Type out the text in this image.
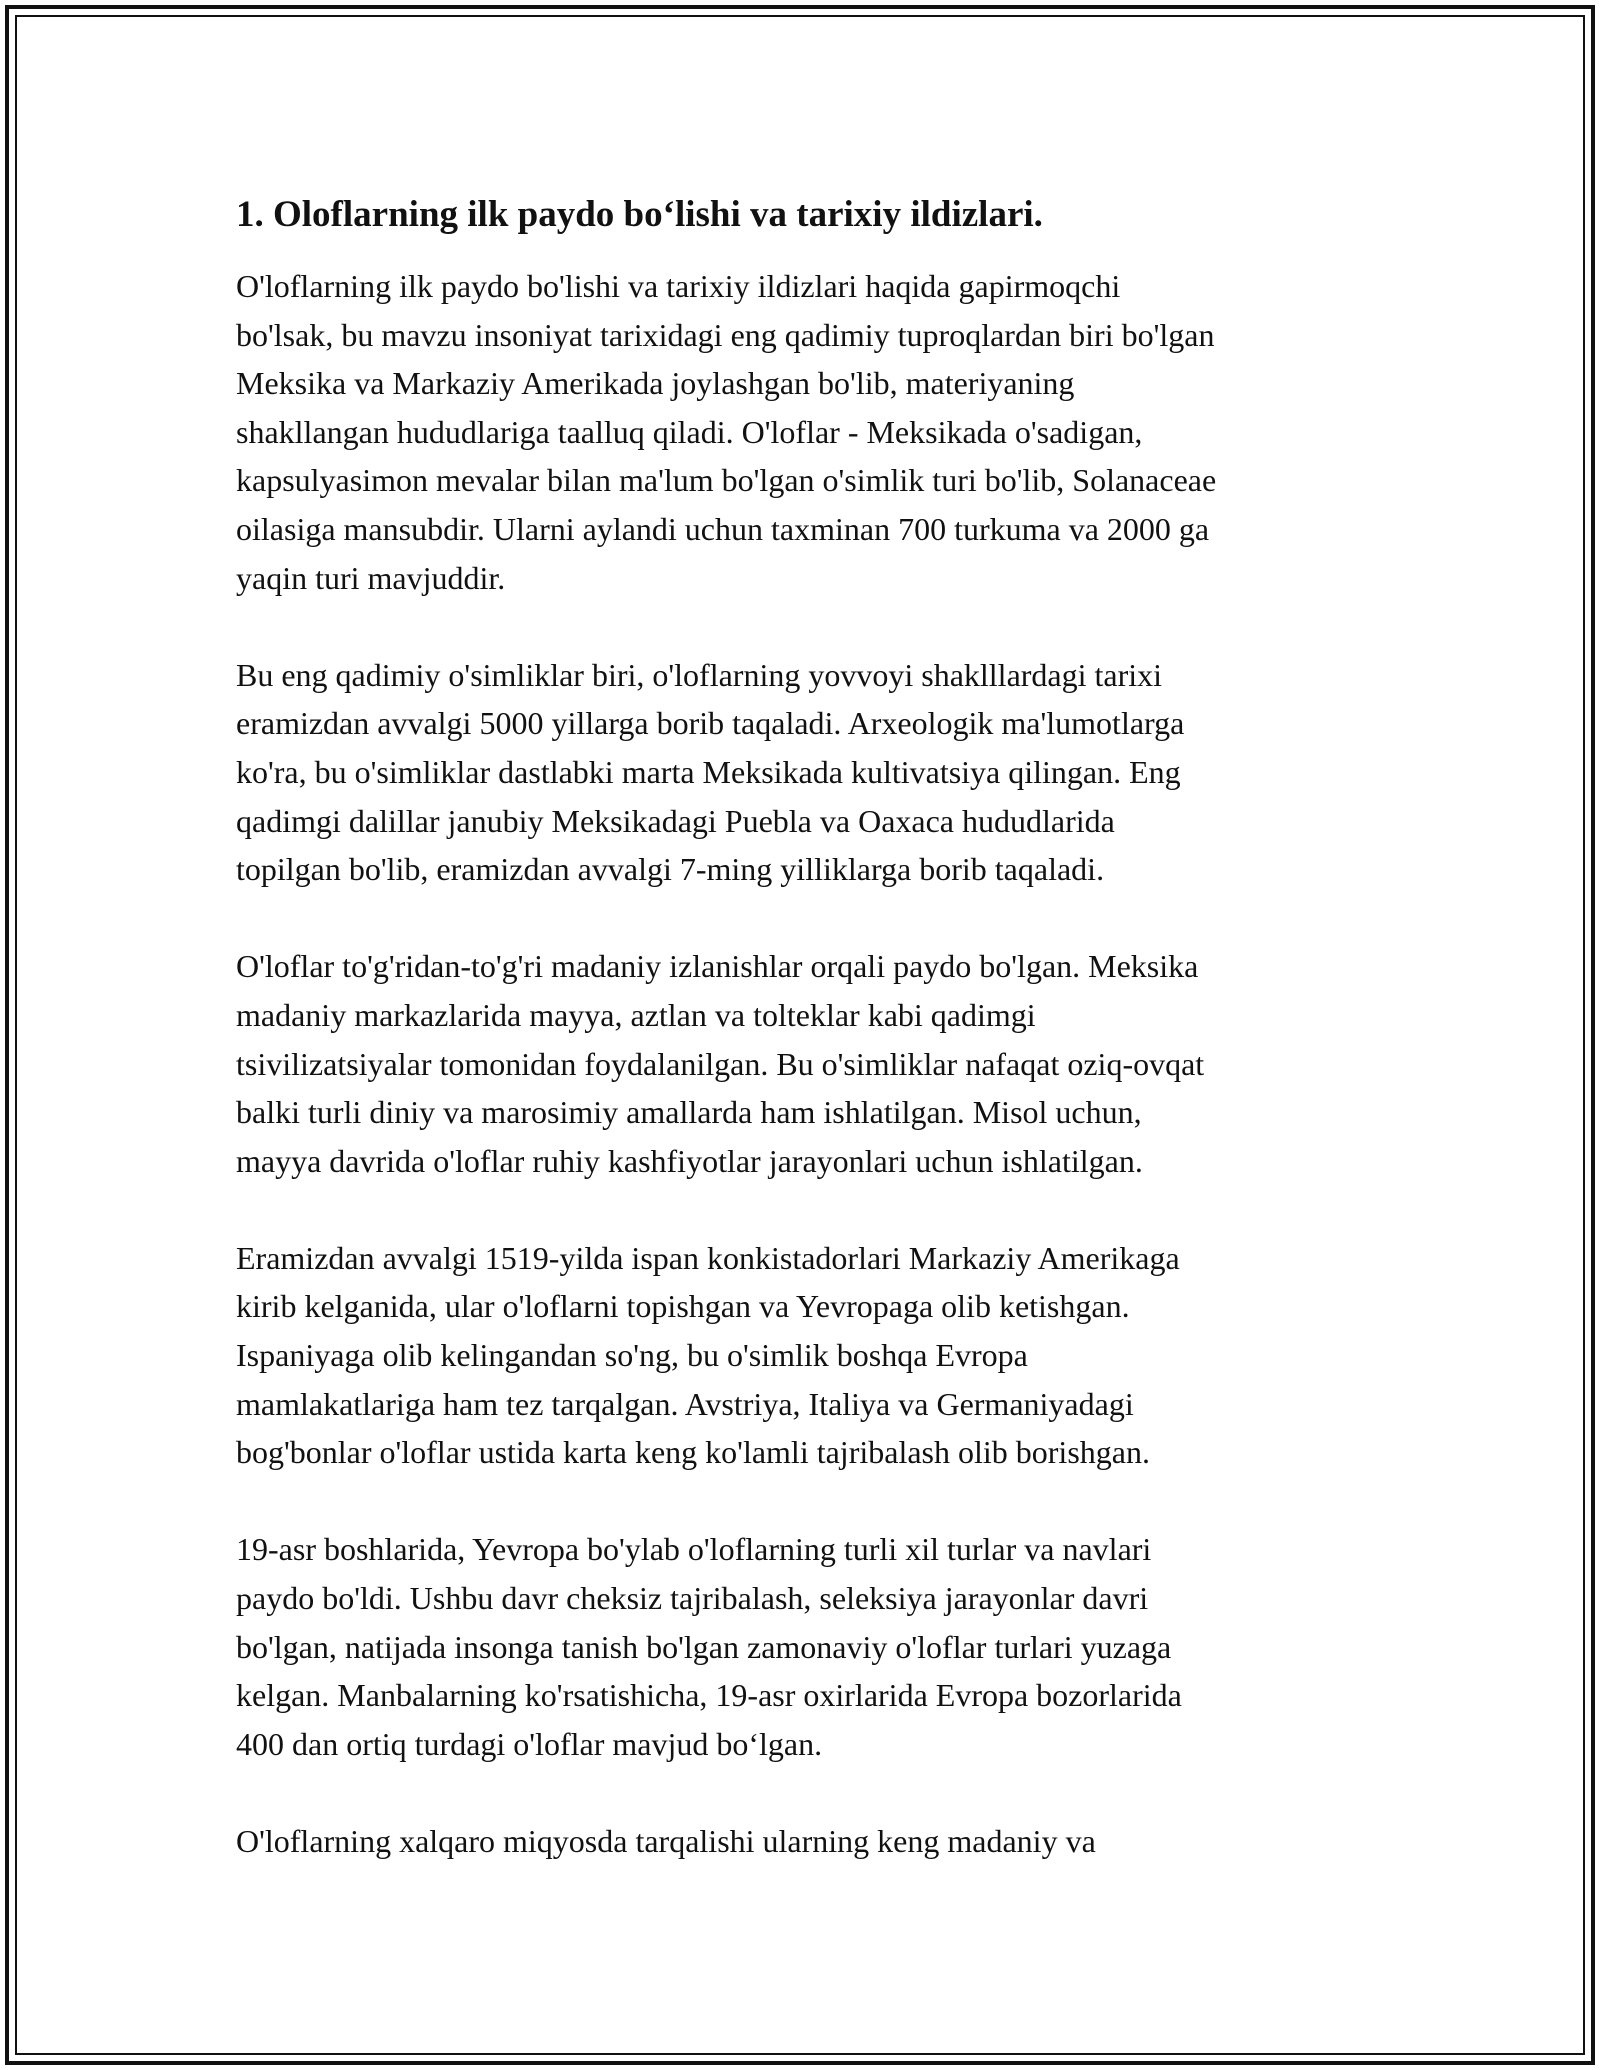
1. Oloflarning ilk paydo bo‘lishi va tarixiy ildizlari.
O'loflarning ilk paydo bo'lishi va tarixiy ildizlari haqida gapirmoqchi
bo'lsak, bu mavzu insoniyat tarixidagi eng qadimiy tuproqlardan biri bo'lgan
Meksika va Markaziy Amerikada joylashgan bo'lib, materiyaning
shakllangan hududlariga taalluq qiladi. O'loflar - Meksikada o'sadigan,
kapsulyasimon mevalar bilan ma'lum bo'lgan o'simlik turi bo'lib, Solanaceae
oilasiga mansubdir. Ularni aylandi uchun taxminan 700 turkuma va 2000 ga
yaqin turi mavjuddir.
Bu eng qadimiy o'simliklar biri, o'loflarning yovvoyi shaklllardagi tarixi
eramizdan avvalgi 5000 yillarga borib taqaladi. Arxeologik ma'lumotlarga
ko'ra, bu o'simliklar dastlabki marta Meksikada kultivatsiya qilingan. Eng
qadimgi dalillar janubiy Meksikadagi Puebla va Oaxaca hududlarida
topilgan bo'lib, eramizdan avvalgi 7-ming yilliklarga borib taqaladi.
O'loflar to'g'ridan-to'g'ri madaniy izlanishlar orqali paydo bo'lgan. Meksika
madaniy markazlarida mayya, aztlan va tolteklar kabi qadimgi
tsivilizatsiyalar tomonidan foydalanilgan. Bu o'simliklar nafaqat oziq-ovqat
balki turli diniy va marosimiy amallarda ham ishlatilgan. Misol uchun,
mayya davrida o'loflar ruhiy kashfiyotlar jarayonlari uchun ishlatilgan.
Eramizdan avvalgi 1519-yilda ispan konkistadorlari Markaziy Amerikaga
kirib kelganida, ular o'loflarni topishgan va Yevropaga olib ketishgan.
Ispaniyaga olib kelingandan so'ng, bu o'simlik boshqa Evropa
mamlakatlariga ham tez tarqalgan. Avstriya, Italiya va Germaniyadagi
bog'bonlar o'loflar ustida karta keng ko'lamli tajribalash olib borishgan.
19-asr boshlarida, Yevropa bo'ylab o'loflarning turli xil turlar va navlari
paydo bo'ldi. Ushbu davr cheksiz tajribalash, seleksiya jarayonlar davri
bo'lgan, natijada insonga tanish bo'lgan zamonaviy o'loflar turlari yuzaga
kelgan. Manbalarning ko'rsatishicha, 19-asr oxirlarida Evropa bozorlarida
400 dan ortiq turdagi o'loflar mavjud bo‘lgan.
O'loflarning xalqaro miqyosda tarqalishi ularning keng madaniy va
